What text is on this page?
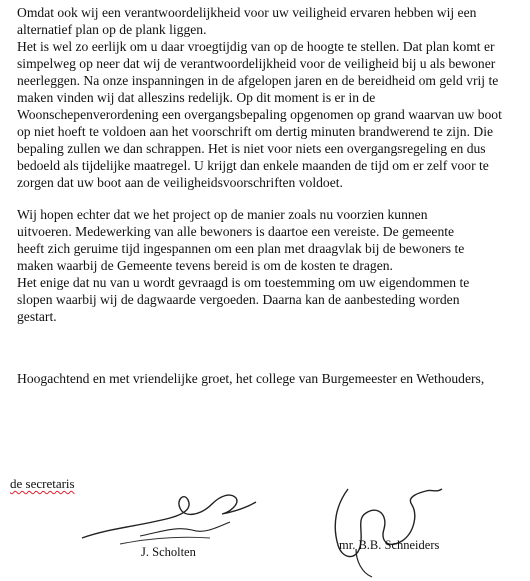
Omdat ook wij een verantwoordelijkheid voor uw veiligheid ervaren hebben wij een
alternatief plan op de plank liggen.
Het is wel zo eerlijk om u daar vroegtijdig van op de hoogte te stellen. Dat plan komt er
simpelweg op neer dat wij de verantwoordelijkheid voor de veiligheid bij u als bewoner
neerleggen. Na onze inspanningen in de afgelopen jaren en de bereidheid om geld vrij te
maken vinden wij dat alleszins redelijk. Op dit moment is er in de
Woonschepenverordening een overgangsbepaling opgenomen op grand waarvan uw boot
op niet hoeft te voldoen aan het voorschrift om dertig minuten brandwerend te zijn. Die
bepaling zullen we dan schrappen. Het is niet voor niets een overgangsregeling en dus
bedoeld als tijdelijke maatregel. U krijgt dan enkele maanden de tijd om er zelf voor te
zorgen dat uw boot aan de veiligheidsvoorschriften voldoet.
Wij hopen echter dat we het project op de manier zoals nu voorzien kunnen
uitvoeren. Medewerking van alle bewoners is daartoe een vereiste. De gemeente
heeft zich geruime tijd ingespannen om een plan met draagvlak bij de bewoners te
maken waarbij de Gemeente tevens bereid is om de kosten te dragen.
Het enige dat nu van u wordt gevraagd is om toestemming om uw eigendommen te
slopen waarbij wij de dagwaarde vergoeden. Daarna kan de aanbesteding worden
gestart.
Hoogachtend en met vriendelijke groet, het college van Burgemeester en Wethouders,
de secretaris
J. Scholten	mr. B.B. Schneiders
